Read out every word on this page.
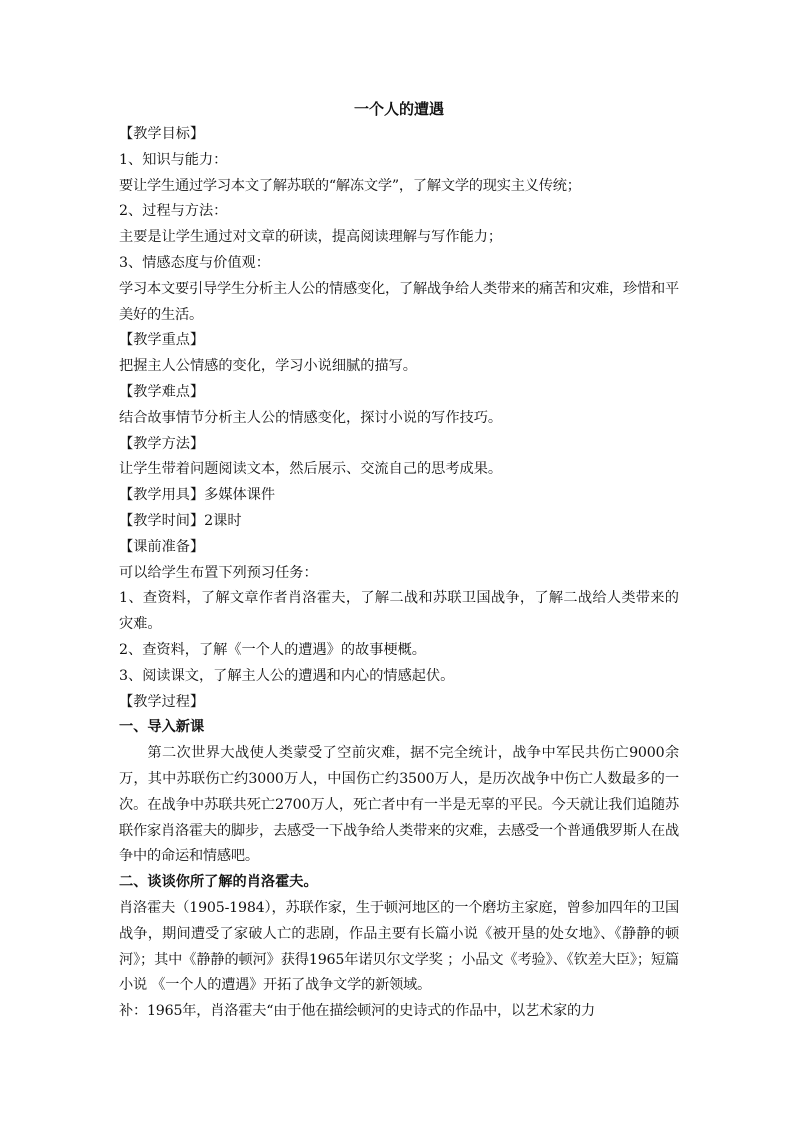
一个人的遭遇

【教学目标】

1、知识与能力：

要让学生通过学习本文了解苏联的“解冻文学”，了解文学的现实主义传统；

2、过程与方法：

主要是让学生通过对文章的研读，提高阅读理解与写作能力；

3、情感态度与价值观：

学习本文要引导学生分析主人公的情感变化，了解战争给人类带来的痛苦和灾难，珍惜和平美好的生活。

【教学重点】

把握主人公情感的变化，学习小说细腻的描写。

【教学难点】

结合故事情节分析主人公的情感变化，探讨小说的写作技巧。

【教学方法】

让学生带着问题阅读文本，然后展示、交流自己的思考成果。

【教学用具】多媒体课件

【教学时间】2课时

【课前准备】

可以给学生布置下列预习任务：

1、查资料，了解文章作者肖洛霍夫，了解二战和苏联卫国战争，了解二战给人类带来的灾难。

2、查资料，了解《一个人的遭遇》的故事梗概。

3、阅读课文，了解主人公的遭遇和内心的情感起伏。

【教学过程】

一、导入新课

第二次世界大战使人类蒙受了空前灾难，据不完全统计，战争中军民共伤亡9000余万，其中苏联伤亡约3000万人，中国伤亡约3500万人，是历次战争中伤亡人数最多的一次。在战争中苏联共死亡2700万人，死亡者中有一半是无辜的平民。今天就让我们追随苏联作家肖洛霍夫的脚步，去感受一下战争给人类带来的灾难，去感受一个普通俄罗斯人在战争中的命运和情感吧。

二、谈谈你所了解的肖洛霍夫。

肖洛霍夫（1905-1984），苏联作家，生于顿河地区的一个磨坊主家庭，曾参加四年的卫国战争，期间遭受了家破人亡的悲剧，作品主要有长篇小说《被开垦的处女地》、《静静的顿河》；其中《静静的顿河》获得1965年诺贝尔文学奖 ；小品文《考验》、《钦差大臣》；短篇小说 《一个人的遭遇》开拓了战争文学的新领域。

补：1965年，肖洛霍夫“由于他在描绘顿河的史诗式的作品中，以艺术家的力
